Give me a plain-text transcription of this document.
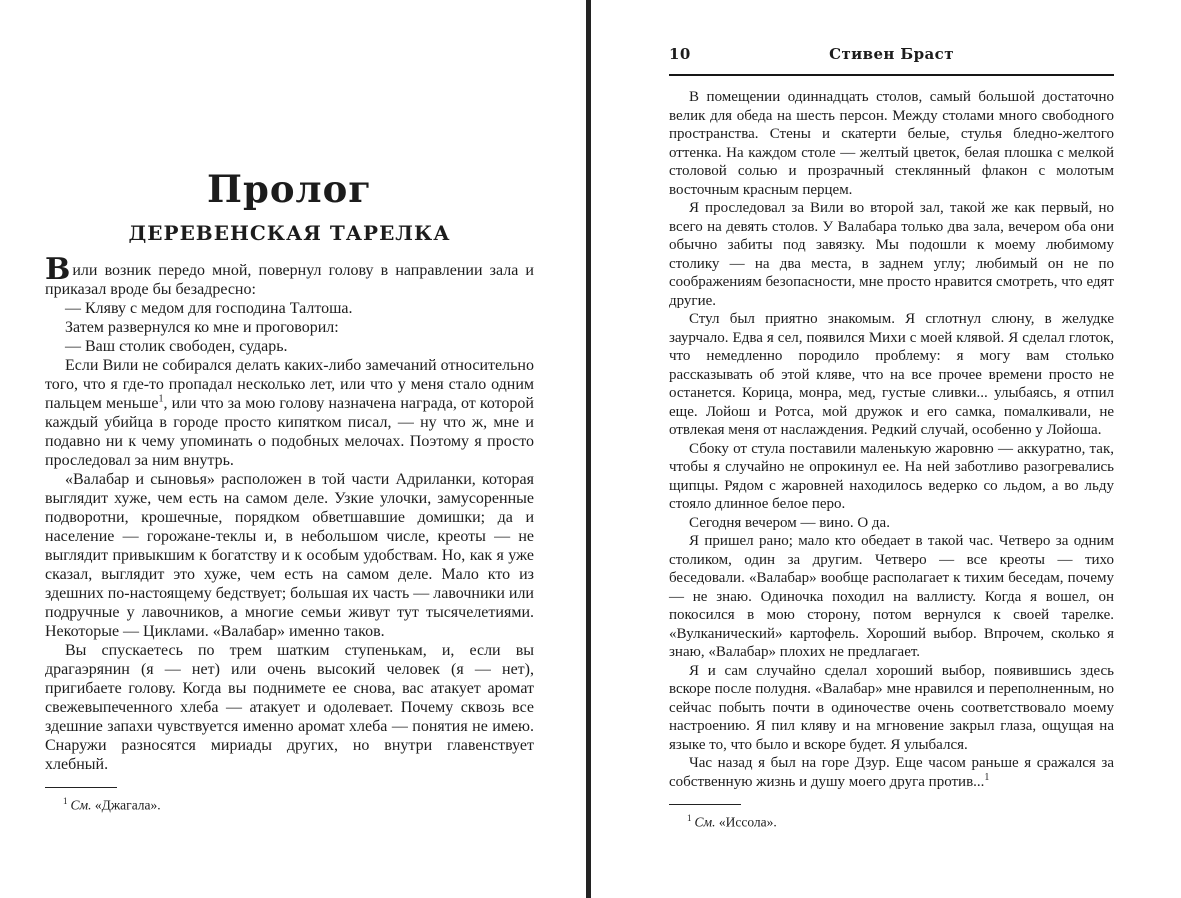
Пролог
ДЕРЕВЕНСКАЯ ТАРЕЛКА

Вили возник передо мной, повернул голову в направлении зала и приказал вроде бы безадресно:

— Кляву с медом для господина Талтоша.

Затем развернулся ко мне и проговорил:

— Ваш столик свободен, сударь.

Если Вили не собирался делать каких-либо замечаний относительно того, что я где-то пропадал несколько лет, или что у меня стало одним пальцем меньше$^1$, или что за мою голову назначена награда, от которой каждый убийца в городе просто кипятком писал, — ну что ж, мне и подавно ни к чему упоминать о подобных мелочах. Поэтому я просто проследовал за ним внутрь.

«Валабар и сыновья» расположен в той части Адриланки, которая выглядит хуже, чем есть на самом деле. Узкие улочки, замусоренные подворотни, крошечные, порядком обветшавшие домишки; да и население — горожане-теклы и, в небольшом числе, креоты — не выглядит привыкшим к богатству и к особым удобствам. Но, как я уже сказал, выглядит это хуже, чем есть на самом деле. Мало кто из здешних по-настоящему бедствует; большая их часть — лавочники или подручные у лавочников, а многие семьи живут тут тысячелетиями. Некоторые — Циклами. «Валабар» именно таков.

Вы спускаетесь по трем шатким ступенькам, и, если вы драгаэрянин (я — нет) или очень высокий человек (я — нет), пригибаете голову. Когда вы поднимете ее снова, вас атакует аромат свежевыпеченного хлеба — атакует и одолевает. Почему сквозь все здешние запахи чувствуется именно аромат хлеба — понятия не имею. Снаружи разносятся мириады других, но внутри главенствует хлебный.

$^1$ См. «Джагала».

10	Стивен Браст

В помещении одиннадцать столов, самый большой достаточно велик для обеда на шесть персон. Между столами много свободного пространства. Стены и скатерти белые, стулья бледно-желтого оттенка. На каждом столе — желтый цветок, белая плошка с мелкой столовой солью и прозрачный стеклянный флакон с молотым восточным красным перцем.

Я проследовал за Вили во второй зал, такой же как первый, но всего на девять столов. У Валабара только два зала, вечером оба они обычно забиты под завязку. Мы подошли к моему любимому столику — на два места, в заднем углу; любимый он не по соображениям безопасности, мне просто нравится смотреть, что едят другие.

Стул был приятно знакомым. Я сглотнул слюну, в желудке заурчало. Едва я сел, появился Михи с моей клявой. Я сделал глоток, что немедленно породило проблему: я могу вам столько рассказывать об этой кляве, что на все прочее времени просто не останется. Корица, монра, мед, густые сливки... улыбаясь, я отпил еще. Лойош и Ротса, мой дружок и его самка, помалкивали, не отвлекая меня от наслаждения. Редкий случай, особенно у Лойоша.

Сбоку от стула поставили маленькую жаровню — аккуратно, так, чтобы я случайно не опрокинул ее. На ней заботливо разогревались щипцы. Рядом с жаровней находилось ведерко со льдом, а во льду стояло длинное белое перо.

Сегодня вечером — вино. О да.

Я пришел рано; мало кто обедает в такой час. Четверо за одним столиком, один за другим. Четверо — все креоты — тихо беседовали. «Валабар» вообще располагает к тихим беседам, почему — не знаю. Одиночка походил на валлисту. Когда я вошел, он покосился в мою сторону, потом вернулся к своей тарелке. «Вулканический» картофель. Хороший выбор. Впрочем, сколько я знаю, «Валабар» плохих не предлагает.

Я и сам случайно сделал хороший выбор, появившись здесь вскоре после полудня. «Валабар» мне нравился и переполненным, но сейчас побыть почти в одиночестве очень соответствовало моему настроению. Я пил кляву и на мгновение закрыл глаза, ощущая на языке то, что было и вскоре будет. Я улыбался.

Час назад я был на горе Дзур. Еще часом раньше я сражался за собственную жизнь и душу моего друга против...$^1$

$^1$ См. «Иссола».
